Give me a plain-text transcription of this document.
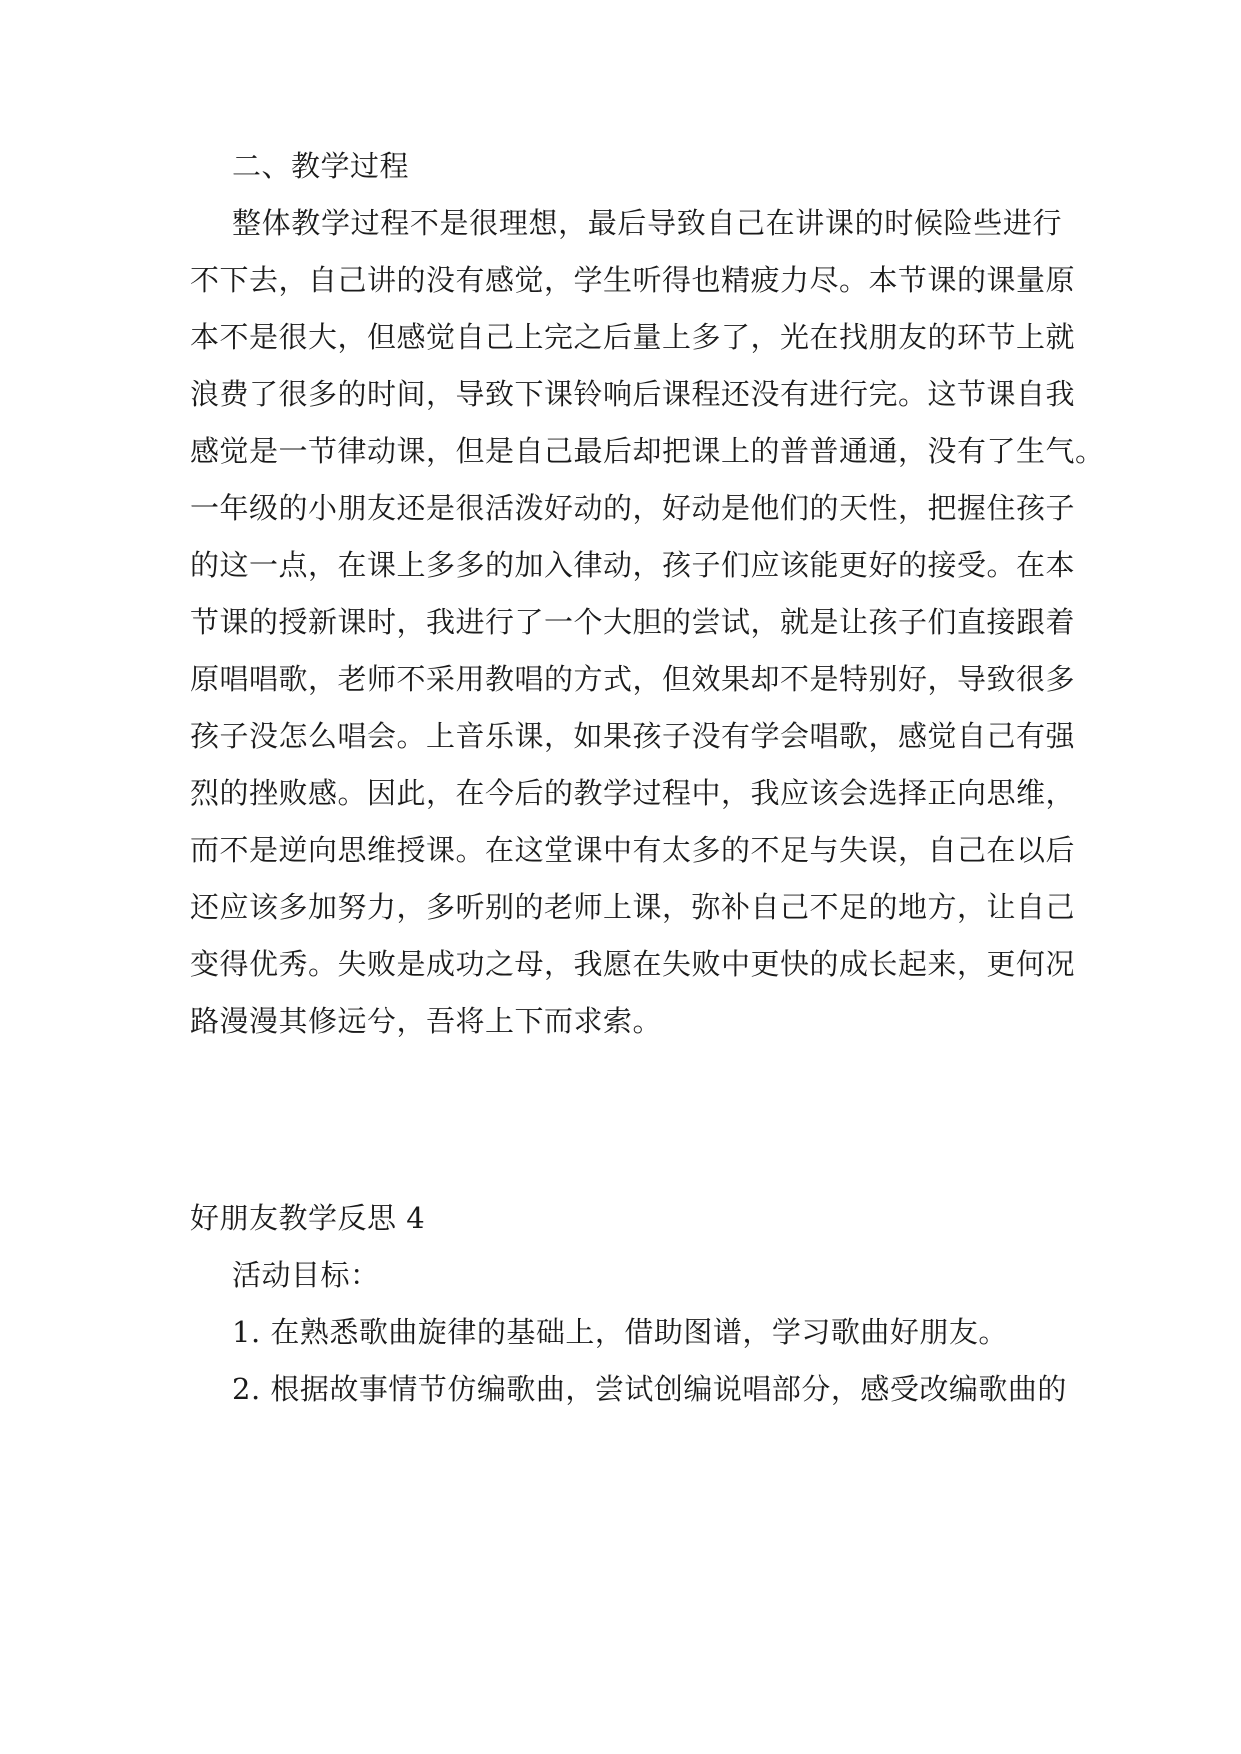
二、教学过程
整体教学过程不是很理想，最后导致自己在讲课的时候险些进行
不下去，自己讲的没有感觉，学生听得也精疲力尽。本节课的课量原
本不是很大，但感觉自己上完之后量上多了，光在找朋友的环节上就
浪费了很多的时间，导致下课铃响后课程还没有进行完。这节课自我
感觉是一节律动课，但是自己最后却把课上的普普通通，没有了生气。
一年级的小朋友还是很活泼好动的，好动是他们的天性，把握住孩子
的这一点，在课上多多的加入律动，孩子们应该能更好的接受。在本
节课的授新课时，我进行了一个大胆的尝试，就是让孩子们直接跟着
原唱唱歌，老师不采用教唱的方式，但效果却不是特别好，导致很多
孩子没怎么唱会。上音乐课，如果孩子没有学会唱歌，感觉自己有强
烈的挫败感。因此，在今后的教学过程中，我应该会选择正向思维，
而不是逆向思维授课。在这堂课中有太多的不足与失误，自己在以后
还应该多加努力，多听别的老师上课，弥补自己不足的地方，让自己
变得优秀。失败是成功之母，我愿在失败中更快的成长起来，更何况
路漫漫其修远兮，吾将上下而求索。
好朋友教学反思 4
活动目标：
1. 在熟悉歌曲旋律的基础上，借助图谱，学习歌曲好朋友。
2. 根据故事情节仿编歌曲，尝试创编说唱部分，感受改编歌曲的
